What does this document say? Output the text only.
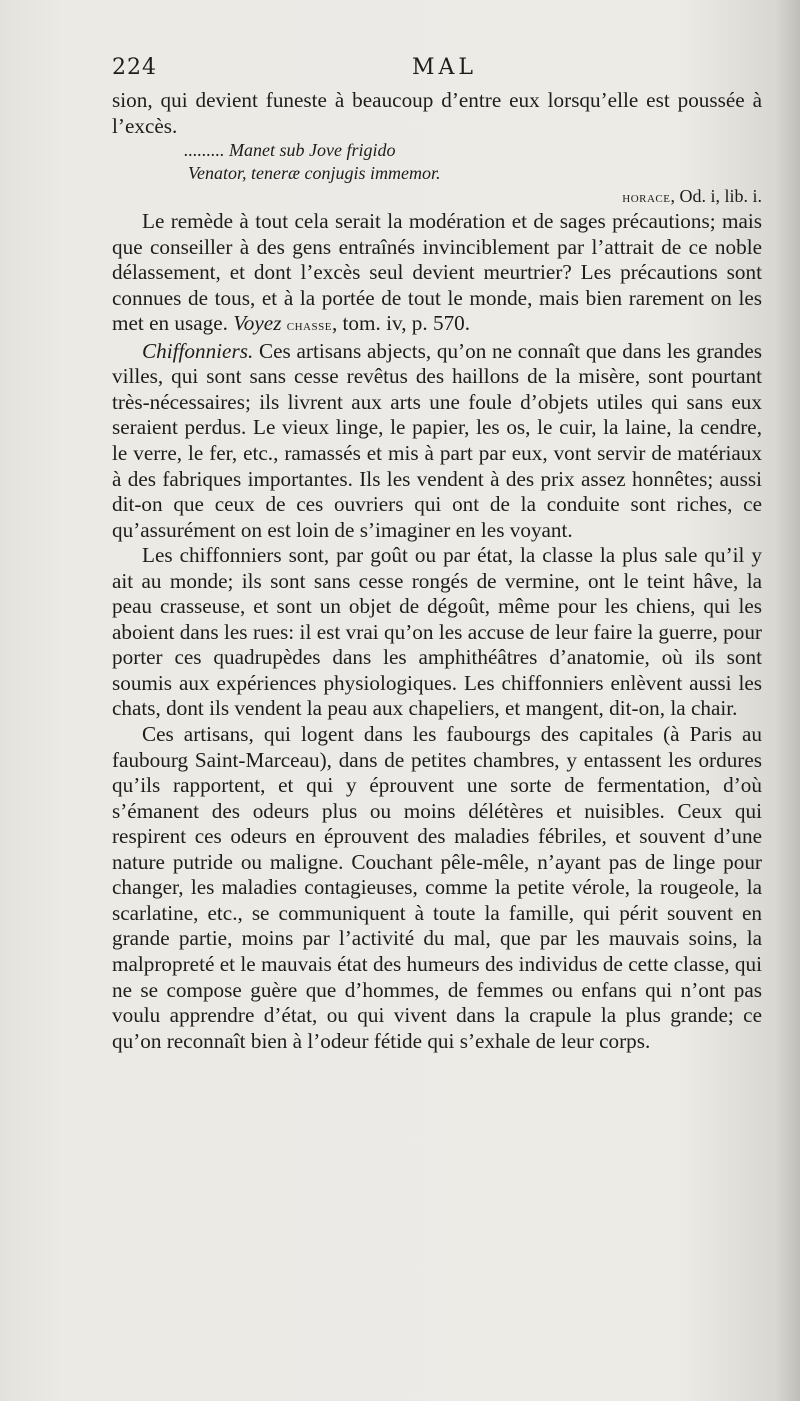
224	MAL

sion, qui devient funeste à beaucoup d’entre eux lorsqu’elle est poussée à l’excès.

......... Manet sub Jove frigido

Venator, teneræ conjugis immemor.

horace, Od. i, lib. i.

Le remède à tout cela serait la modération et de sages précautions; mais que conseiller à des gens entraînés invinciblement par l’attrait de ce noble délassement, et dont l’excès seul devient meurtrier? Les précautions sont connues de tous, et à la portée de tout le monde, mais bien rarement on les met en usage. Voyez chasse, tom. iv, p. 570.

Chiffonniers. Ces artisans abjects, qu’on ne connaît que dans les grandes villes, qui sont sans cesse revêtus des haillons de la misère, sont pourtant très-nécessaires; ils livrent aux arts une foule d’objets utiles qui sans eux seraient perdus. Le vieux linge, le papier, les os, le cuir, la laine, la cendre, le verre, le fer, etc., ramassés et mis à part par eux, vont servir de matériaux à des fabriques importantes. Ils les vendent à des prix assez honnêtes; aussi dit-on que ceux de ces ouvriers qui ont de la conduite sont riches, ce qu’assurément on est loin de s’imaginer en les voyant.

Les chiffonniers sont, par goût ou par état, la classe la plus sale qu’il y ait au monde; ils sont sans cesse rongés de vermine, ont le teint hâve, la peau crasseuse, et sont un objet de dégoût, même pour les chiens, qui les aboient dans les rues: il est vrai qu’on les accuse de leur faire la guerre, pour porter ces quadrupèdes dans les amphithéâtres d’anatomie, où ils sont soumis aux expériences physiologiques. Les chiffonniers enlèvent aussi les chats, dont ils vendent la peau aux chapeliers, et mangent, dit-on, la chair.

Ces artisans, qui logent dans les faubourgs des capitales (à Paris au faubourg Saint-Marceau), dans de petites chambres, y entassent les ordures qu’ils rapportent, et qui y éprouvent une sorte de fermentation, d’où s’émanent des odeurs plus ou moins délétères et nuisibles. Ceux qui respirent ces odeurs en éprouvent des maladies fébriles, et souvent d’une nature putride ou maligne. Couchant pêle-mêle, n’ayant pas de linge pour changer, les maladies contagieuses, comme la petite vérole, la rougeole, la scarlatine, etc., se communiquent à toute la famille, qui périt souvent en grande partie, moins par l’activité du mal, que par les mauvais soins, la malpropreté et le mauvais état des humeurs des individus de cette classe, qui ne se compose guère que d’hommes, de femmes ou enfans qui n’ont pas voulu apprendre d’état, ou qui vivent dans la crapule la plus grande; ce qu’on reconnaît bien à l’odeur fétide qui s’exhale de leur corps.
